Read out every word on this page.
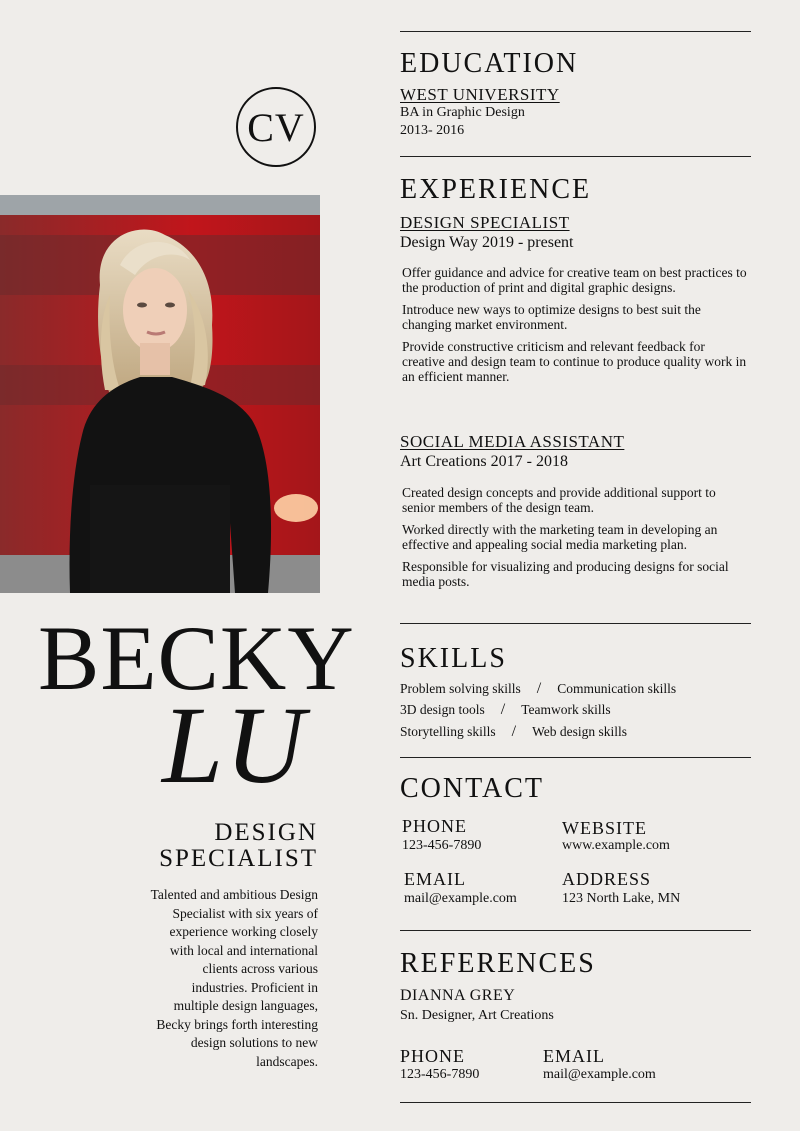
CV
BECKY
LU
DESIGN
SPECIALIST
Talented and ambitious Design Specialist with six years of experience working closely with local and international clients across various industries. Proficient in multiple design languages, Becky brings forth interesting design solutions to new landscapes.
EDUCATION
WEST UNIVERSITY
BA in Graphic Design
2013- 2016
EXPERIENCE
DESIGN SPECIALIST
Design Way 2019 - present

Offer guidance and advice for creative team on best practices to the production of print and digital graphic designs.

Introduce new ways to optimize designs to best suit the changing market environment.

Provide constructive criticism and relevant feedback for creative and design team to continue to produce quality work in an efficient manner.

SOCIAL MEDIA ASSISTANT
Art Creations 2017 - 2018

Created design concepts and provide additional support to senior members of the design team.

Worked directly with the marketing team in developing an effective and appealing social media marketing plan.

Responsible for visualizing and producing designs for social media posts.

SKILLS
Problem solving skills / Communication skills
3D design tools / Teamwork skills
Storytelling skills / Web design skills
CONTACT
PHONE
123-456-7890
WEBSITE
www.example.com
EMAIL
mail@example.com
ADDRESS
123 North Lake, MN
REFERENCES
DIANNA GREY
Sn. Designer, Art Creations
PHONE
123-456-7890
EMAIL
mail@example.com
